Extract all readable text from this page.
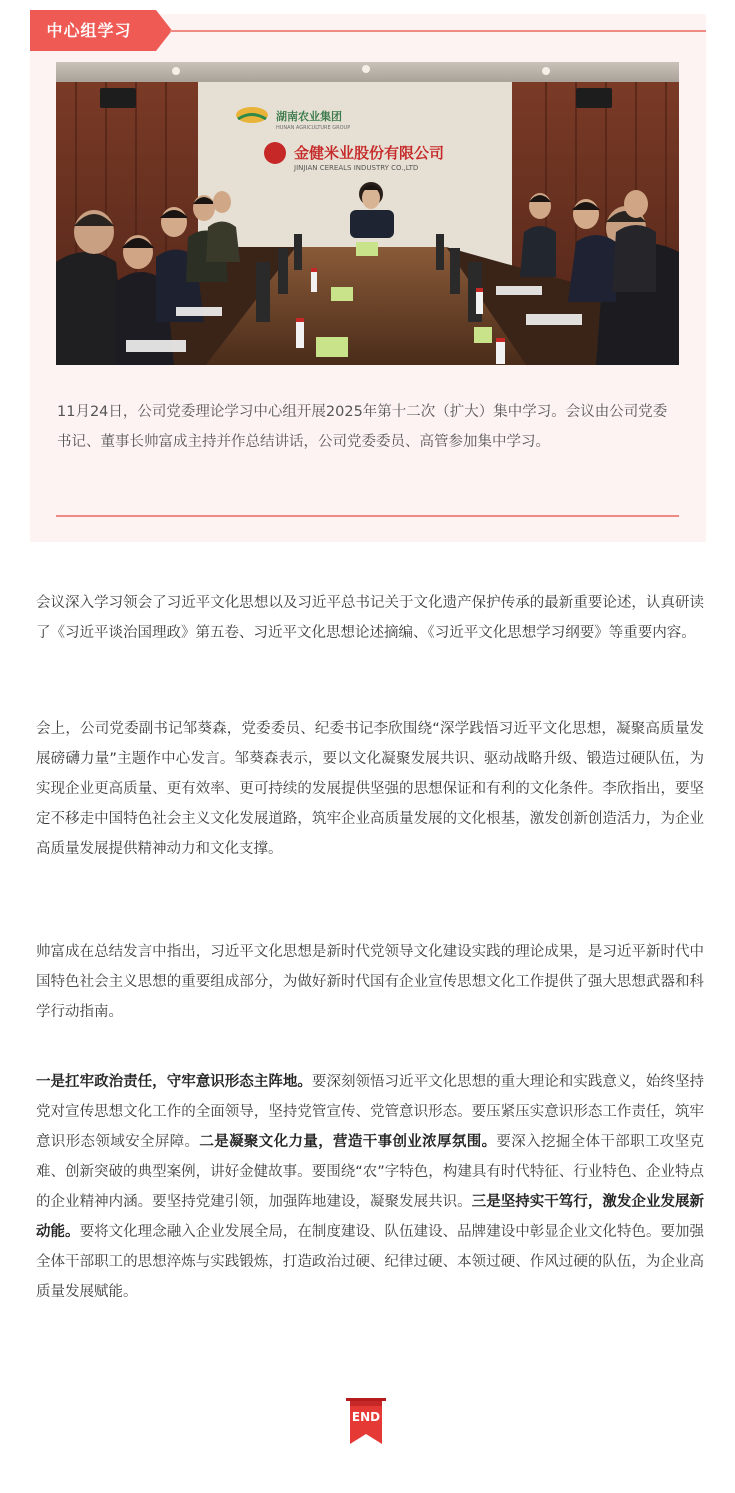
中心组学习
湖南农业集团
HUNAN AGRICULTURE GROUP
金健米业股份有限公司
JINJIAN CEREALS INDUSTRY CO.,LTD

11月24日，公司党委理论学习中心组开展2025年第十二次（扩大）集中学习。会议由公司党委书记、董事长帅富成主持并作总结讲话，公司党委委员、高管参加集中学习。

会议深入学习领会了习近平文化思想以及习近平总书记关于文化遗产保护传承的最新重要论述，认真研读了《习近平谈治国理政》第五卷、习近平文化思想论述摘编、《习近平文化思想学习纲要》等重要内容。

会上，公司党委副书记邹葵森，党委委员、纪委书记李欣围绕“深学践悟习近平文化思想，凝聚高质量发展磅礴力量”主题作中心发言。邹葵森表示，要以文化凝聚发展共识、驱动战略升级、锻造过硬队伍，为实现企业更高质量、更有效率、更可持续的发展提供坚强的思想保证和有利的文化条件。李欣指出，要坚定不移走中国特色社会主义文化发展道路，筑牢企业高质量发展的文化根基，激发创新创造活力，为企业高质量发展提供精神动力和文化支撑。

帅富成在总结发言中指出，习近平文化思想是新时代党领导文化建设实践的理论成果，是习近平新时代中国特色社会主义思想的重要组成部分，为做好新时代国有企业宣传思想文化工作提供了强大思想武器和科学行动指南。

一是扛牢政治责任，守牢意识形态主阵地。要深刻领悟习近平文化思想的重大理论和实践意义，始终坚持党对宣传思想文化工作的全面领导，坚持党管宣传、党管意识形态。要压紧压实意识形态工作责任，筑牢意识形态领域安全屏障。二是凝聚文化力量，营造干事创业浓厚氛围。要深入挖掘全体干部职工攻坚克难、创新突破的典型案例，讲好金健故事。要围绕“农”字特色，构建具有时代特征、行业特色、企业特点的企业精神内涵。要坚持党建引领，加强阵地建设，凝聚发展共识。三是坚持实干笃行，激发企业发展新动能。要将文化理念融入企业发展全局，在制度建设、队伍建设、品牌建设中彰显企业文化特色。要加强全体干部职工的思想淬炼与实践锻炼，打造政治过硬、纪律过硬、本领过硬、作风过硬的队伍，为企业高质量发展赋能。

END
